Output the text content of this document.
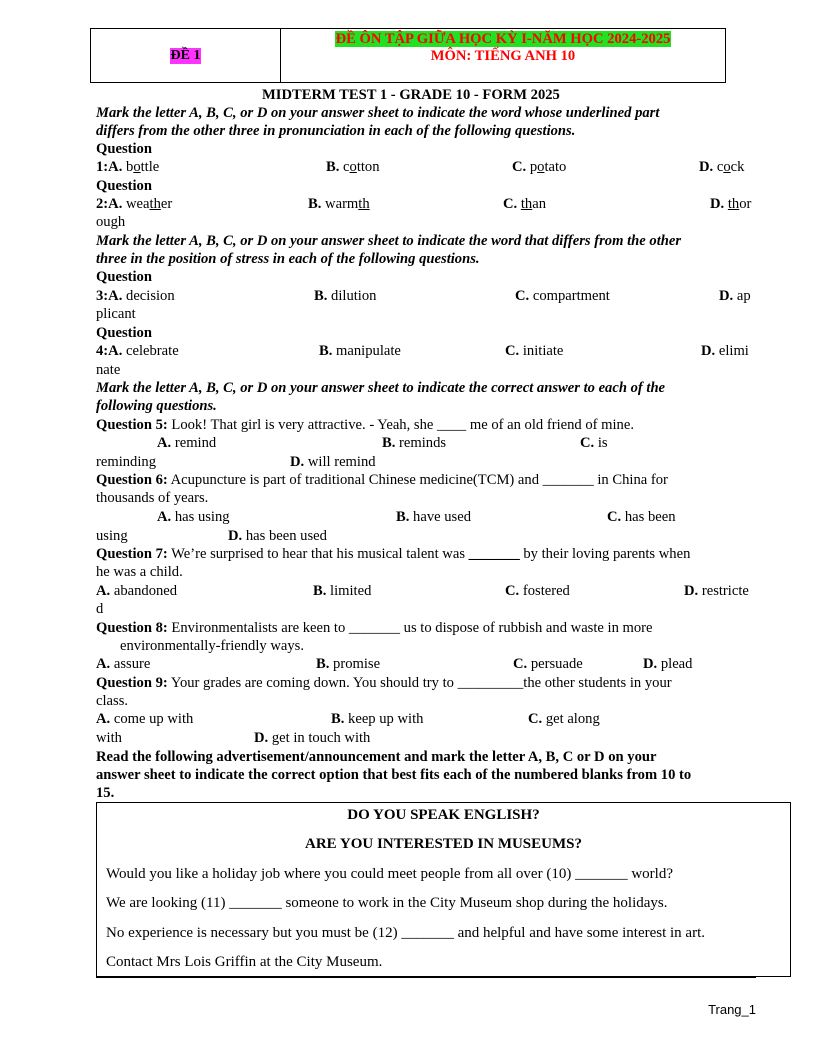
ĐỀ 1
ĐỀ ÔN TẬP GIỮA HỌC KỲ I-NĂM HỌC 2024-2025
MÔN: TIẾNG ANH 10
MIDTERM TEST 1 - GRADE 10 - FORM 2025
Mark the letter A, B, C, or D on your answer sheet to indicate the word whose underlined part
differs from the other three in pronunciation in each of the following questions.
Question
1:A. bottle	B. cotton	C. potato	D. cock
Question
2:A. weather	B. warmth	C. than	D. thor
ough
Mark the letter A, B, C, or D on your answer sheet to indicate the word that differs from the other
three in the position of stress in each of the following questions.
Question
3:A. decision	B. dilution	C. compartment	D. ap
plicant
Question
4:A. celebrate	B. manipulate	C. initiate	D. elimi
nate
Mark the letter A, B, C, or D on your answer sheet to indicate the correct answer to each of the
following questions.
Question 5: Look! That girl is very attractive. - Yeah, she ____ me of an old friend of mine.
A. remind	B. reminds	C. is
reminding	D. will remind
Question 6: Acupuncture is part of traditional Chinese medicine(TCM) and _______ in China for
thousands of years.
A. has using	B. have used	C. has been
using	D. has been used
Question 7: We’re surprised to hear that his musical talent was _______ by their loving parents when
he was a child.
A. abandoned	B. limited	C. fostered	D. restricte
d
Question 8: Environmentalists are keen to _______ us to dispose of rubbish and waste in more
environmentally-friendly ways.
A. assure	B. promise	C. persuade	D. plead
Question 9: Your grades are coming down. You should try to _________the other students in your
class.
A. come up with	B. keep up with	C. get along
with	D. get in touch with
Read the following advertisement/announcement and mark the letter A, B, C or D on your
answer sheet to indicate the correct option that best fits each of the numbered blanks from 10 to
15.
DO YOU SPEAK ENGLISH?
ARE YOU INTERESTED IN MUSEUMS?
Would you like a holiday job where you could meet people from all over (10) _______ world?
We are looking (11) _______ someone to work in the City Museum shop during the holidays.
No experience is necessary but you must be (12) _______ and helpful and have some interest in art.
Contact Mrs Lois Griffin at the City Museum.
Trang_1
